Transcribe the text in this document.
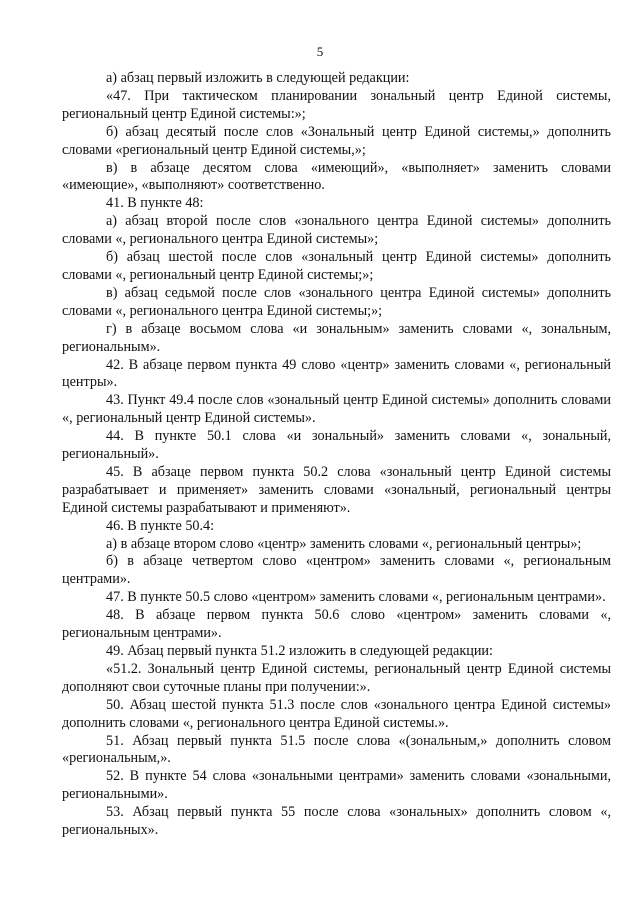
5

а) абзац первый изложить в следующей редакции:

«47. При тактическом планировании зональный центр Единой системы, региональный центр Единой системы:»;

б) абзац десятый после слов «Зональный центр Единой системы,» дополнить словами «региональный центр Единой системы,»;

в) в абзаце десятом слова «имеющий», «выполняет» заменить словами «имеющие», «выполняют» соответственно.

41. В пункте 48:

а) абзац второй после слов «зонального центра Единой системы» дополнить словами «, регионального центра Единой системы»;

б) абзац шестой после слов «зональный центр Единой системы» дополнить словами «, региональный центр Единой системы;»;

в) абзац седьмой после слов «зонального центра Единой системы» дополнить словами «, регионального центра Единой системы;»;

г) в абзаце восьмом слова «и зональным» заменить словами «, зональным, региональным».

42. В абзаце первом пункта 49 слово «центр» заменить словами «, региональный центры».

43. Пункт 49.4 после слов «зональный центр Единой системы» дополнить словами «, региональный центр Единой системы».

44. В пункте 50.1 слова «и зональный» заменить словами «, зональный, региональный».

45. В абзаце первом пункта 50.2 слова «зональный центр Единой системы разрабатывает и применяет» заменить словами «зональный, региональный центры Единой системы разрабатывают и применяют».

46. В пункте 50.4:

а) в абзаце втором слово «центр» заменить словами «, региональный центры»;

б) в абзаце четвертом слово «центром» заменить словами «, региональным центрами».

47. В пункте 50.5 слово «центром» заменить словами «, региональным центрами».

48. В абзаце первом пункта 50.6 слово «центром» заменить словами «, региональным центрами».

49. Абзац первый пункта 51.2 изложить в следующей редакции:

«51.2. Зональный центр Единой системы, региональный центр Единой системы дополняют свои суточные планы при получении:».

50. Абзац шестой пункта 51.3 после слов «зонального центра Единой системы» дополнить словами «, регионального центра Единой системы.».

51. Абзац первый пункта 51.5 после слова «(зональным,» дополнить словом «региональным,».

52. В пункте 54 слова «зональными центрами» заменить словами «зональными, региональными».

53. Абзац первый пункта 55 после слова «зональных» дополнить словом «, региональных».
